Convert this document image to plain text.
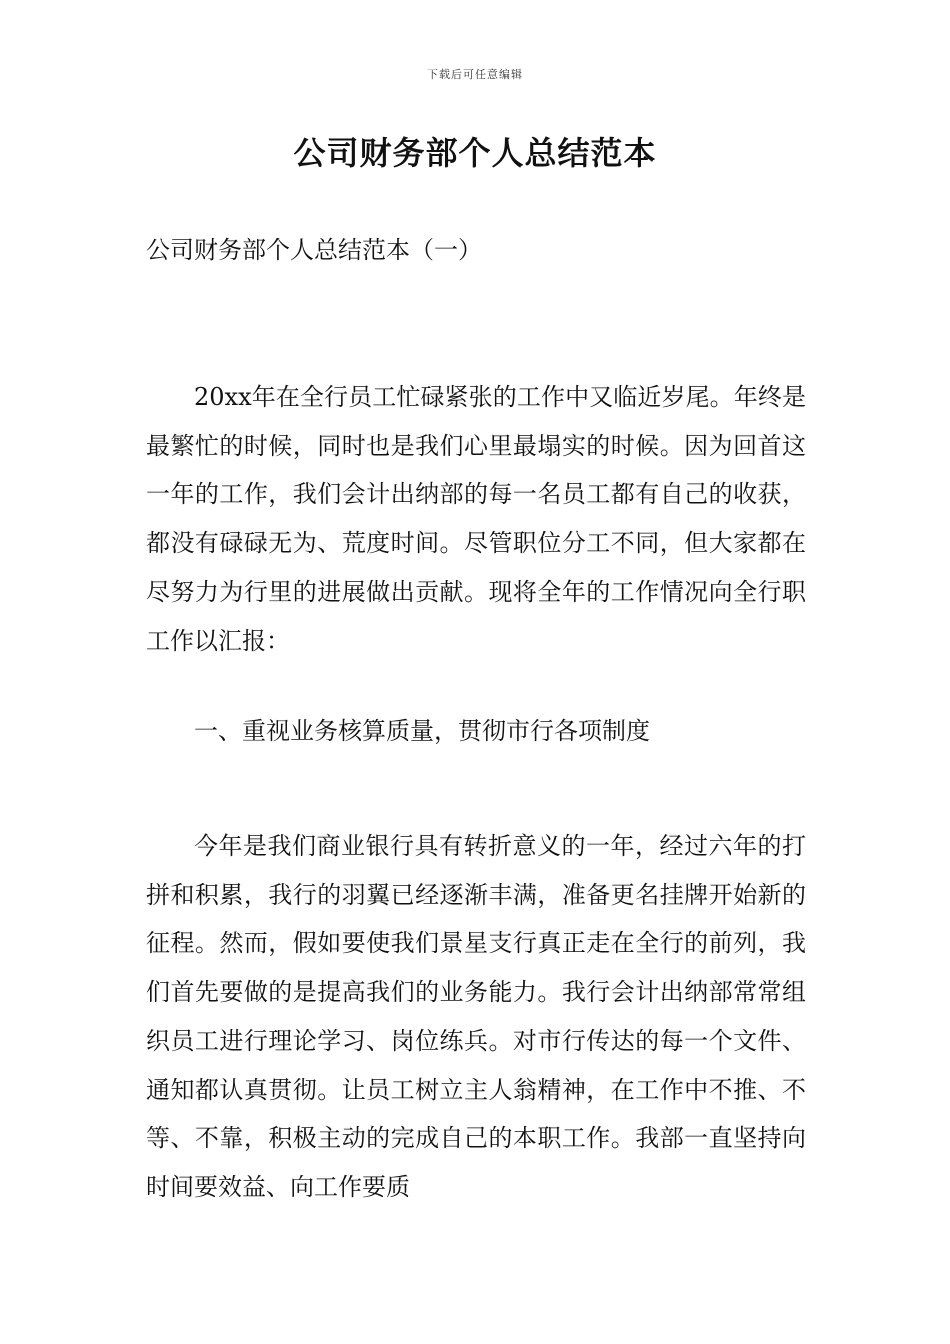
下载后可任意编辑
公司财务部个人总结范本

公司财务部个人总结范本（一）

20xx年在全行员工忙碌紧张的工作中又临近岁尾。年终是最繁忙的时候，同时也是我们心里最塌实的时候。因为回首这一年的工作，我们会计出纳部的每一名员工都有自己的收获，都没有碌碌无为、荒度时间。尽管职位分工不同，但大家都在尽努力为行里的进展做出贡献。现将全年的工作情况向全行职工作以汇报：

一、重视业务核算质量，贯彻市行各项制度

今年是我们商业银行具有转折意义的一年，经过六年的打拼和积累，我行的羽翼已经逐渐丰满，准备更名挂牌开始新的征程。然而，假如要使我们景星支行真正走在全行的前列，我们首先要做的是提高我们的业务能力。我行会计出纳部常常组织员工进行理论学习、岗位练兵。对市行传达的每一个文件、通知都认真贯彻。让员工树立主人翁精神，在工作中不推、不等、不靠，积极主动的完成自己的本职工作。我部一直坚持向时间要效益、向工作要质
